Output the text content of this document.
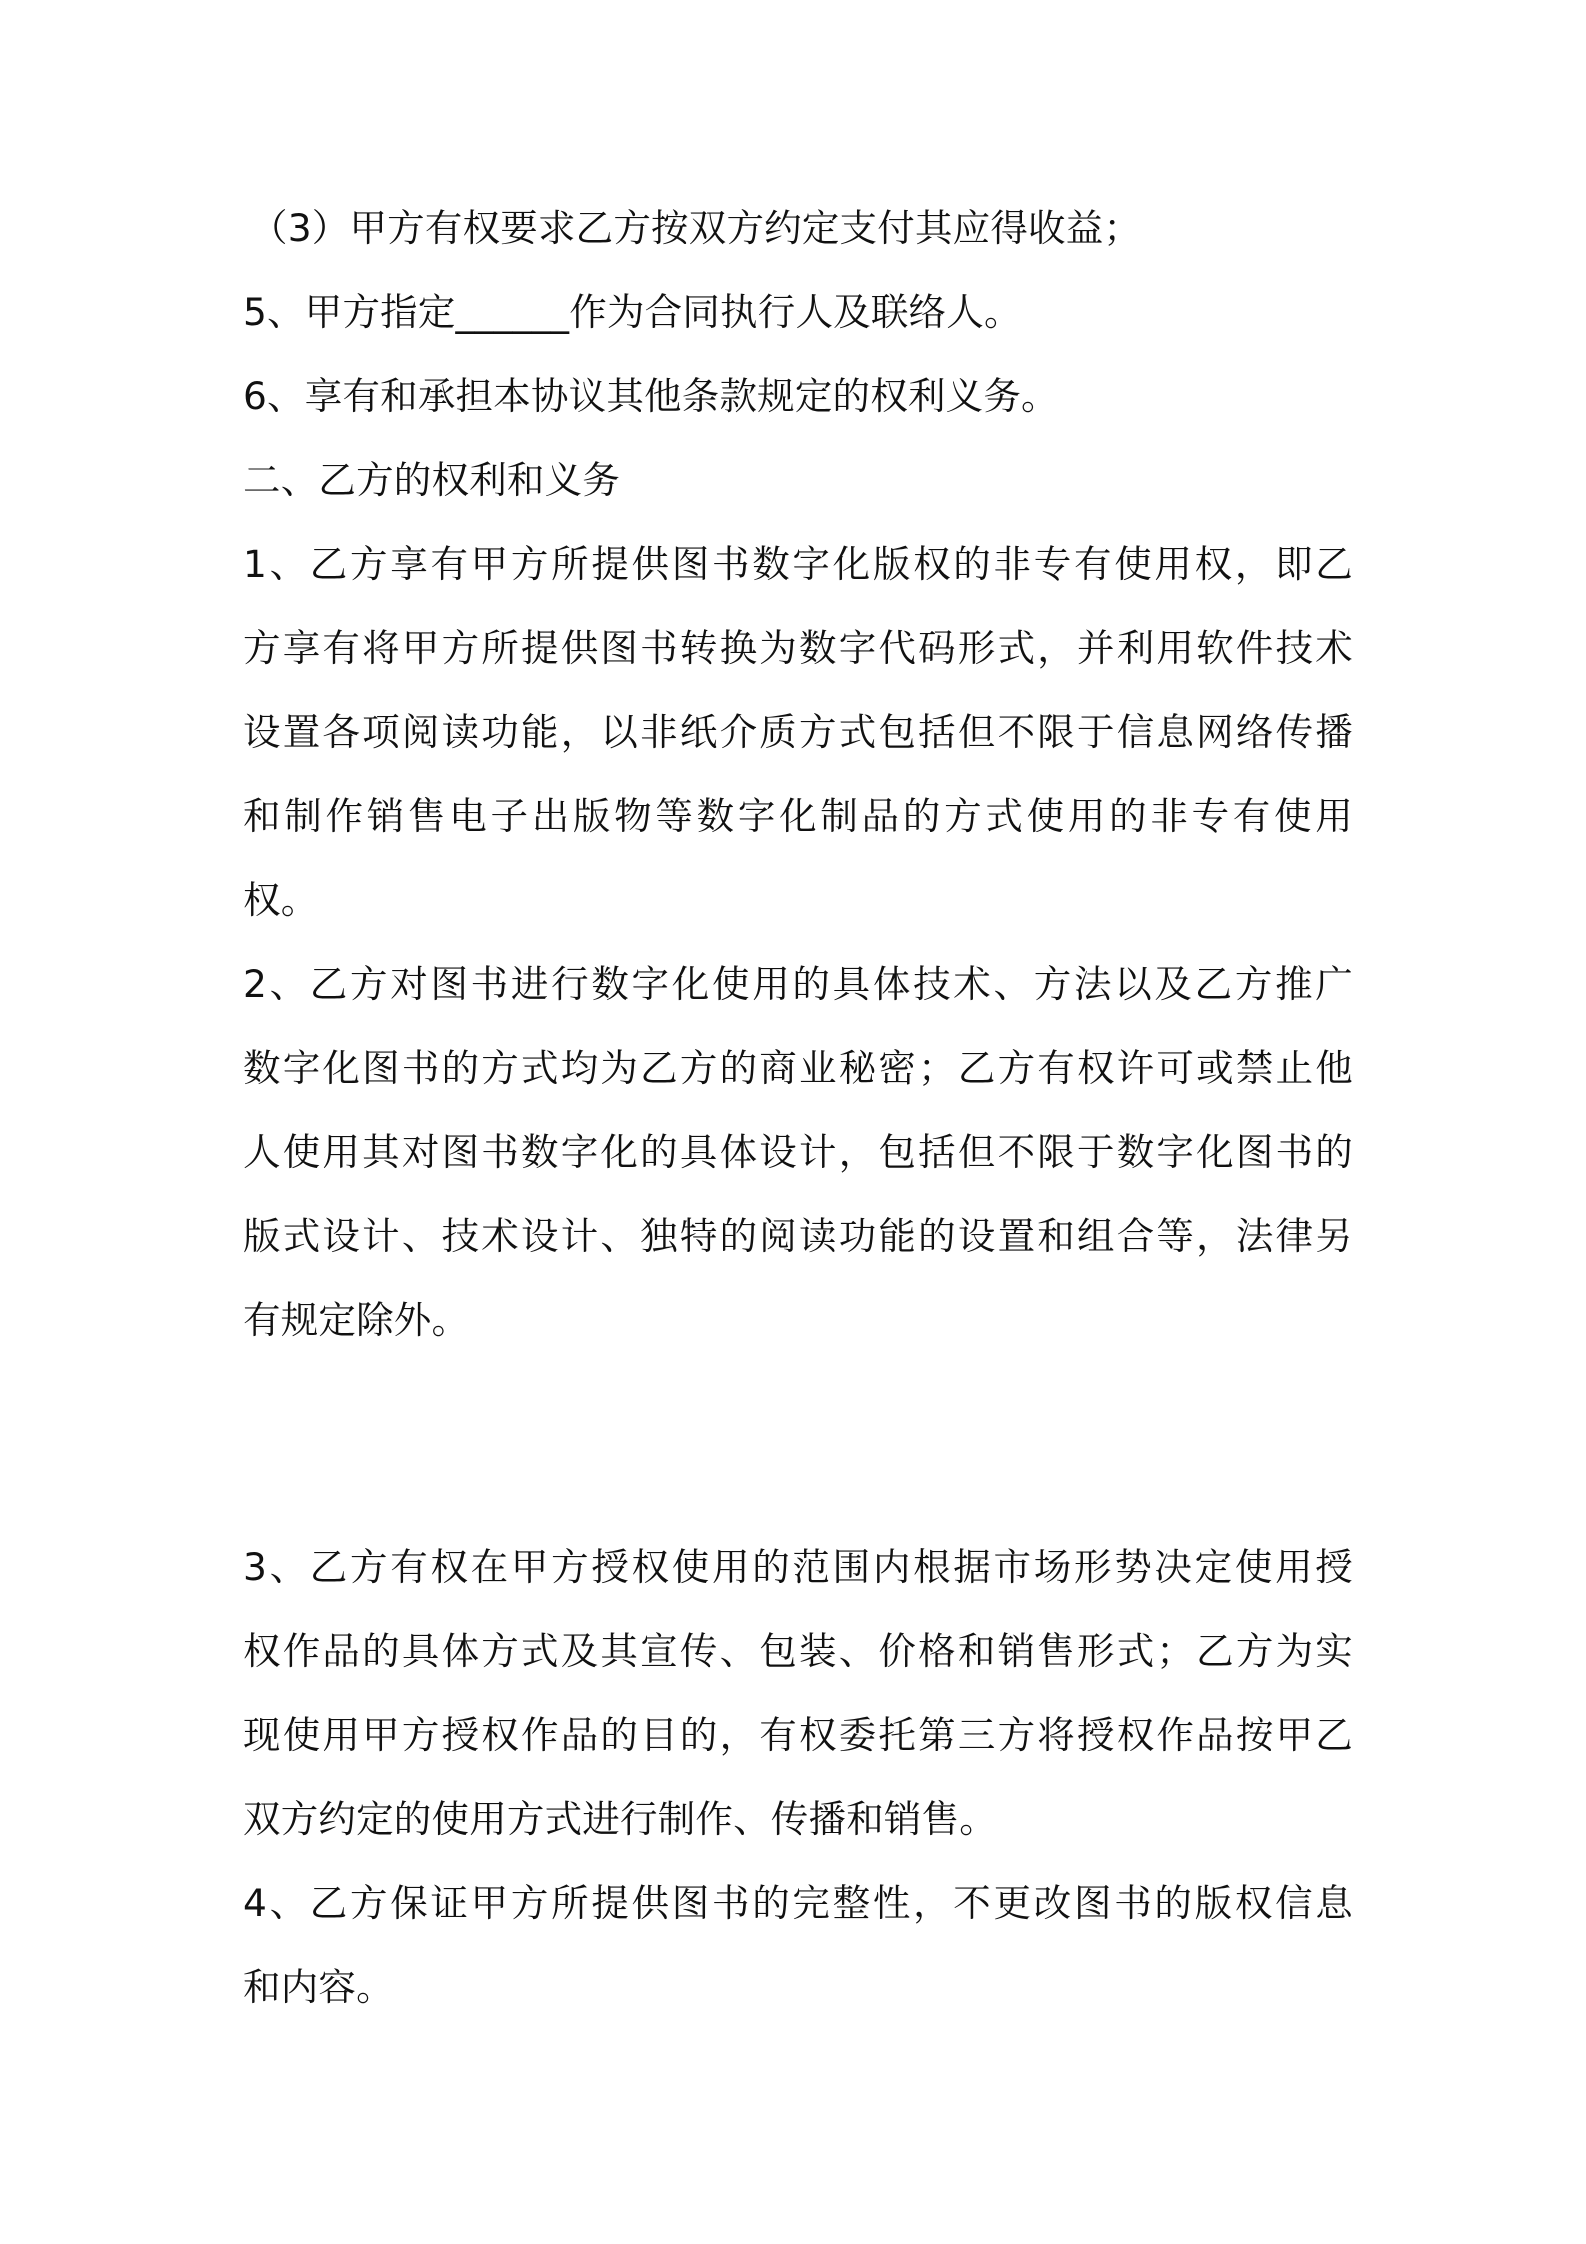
（3）甲方有权要求乙方按双方约定支付其应得收益；
5、甲方指定______作为合同执行人及联络人。
6、享有和承担本协议其他条款规定的权利义务。
二、乙方的权利和义务
1、乙方享有甲方所提供图书数字化版权的非专有使用权，即乙
方享有将甲方所提供图书转换为数字代码形式，并利用软件技术
设置各项阅读功能，以非纸介质方式包括但不限于信息网络传播
和制作销售电子出版物等数字化制品的方式使用的非专有使用
权。
2、乙方对图书进行数字化使用的具体技术、方法以及乙方推广
数字化图书的方式均为乙方的商业秘密；乙方有权许可或禁止他
人使用其对图书数字化的具体设计，包括但不限于数字化图书的
版式设计、技术设计、独特的阅读功能的设置和组合等，法律另
有规定除外。
3、乙方有权在甲方授权使用的范围内根据市场形势决定使用授
权作品的具体方式及其宣传、包装、价格和销售形式；乙方为实
现使用甲方授权作品的目的，有权委托第三方将授权作品按甲乙
双方约定的使用方式进行制作、传播和销售。
4、乙方保证甲方所提供图书的完整性，不更改图书的版权信息
和内容。
